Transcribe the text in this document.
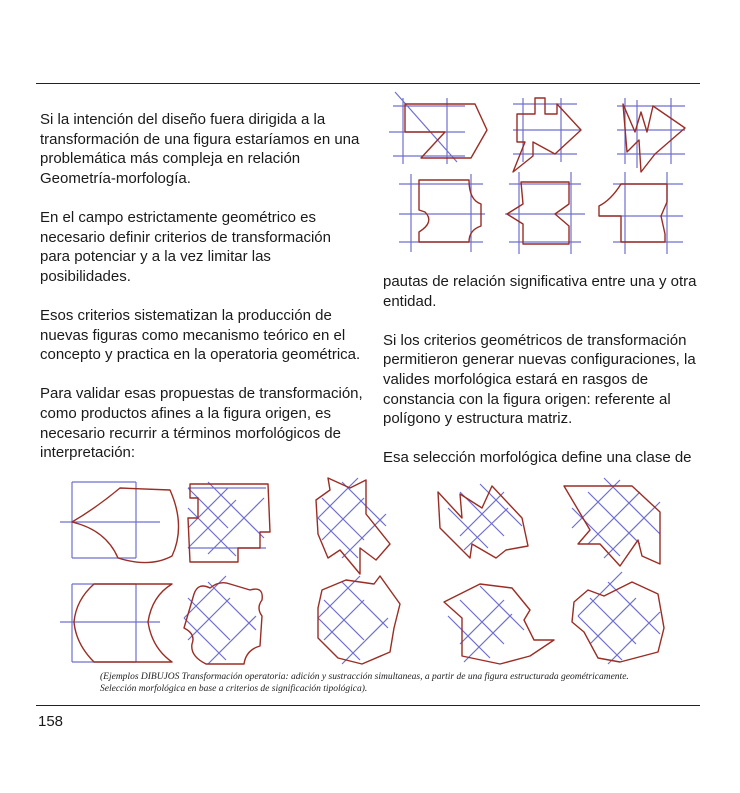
Si la intención del diseño fuera dirigida a la transformación de una figura estaríamos en una problemática más compleja en relación Geometría-morfología.

En el campo estrictamente geométrico es necesario definir criterios de transformación para potenciar y a la vez limitar las posibilidades.

Esos criterios sistematizan la producción de nuevas figuras como mecanismo teórico en el concepto y practica en la operatoria geométrica.

Para validar esas propuestas de transformación, como productos afines a la figura origen, es necesario recurrir a términos morfológicos de interpretación:

pautas de relación significativa entre una y otra entidad.

Si los criterios geométricos de transformación permitieron generar nuevas configuraciones, la valides morfológica estará en rasgos de constancia con la figura origen: referente al polígono y estructura matriz.

Esa selección morfológica define una clase de

(Ejemplos DIBUJOS Transformación operatoria: adición y sustracción simultaneas, a partir de una figura estructurada geométricamente. Selección morfológica en base a criterios de significación tipológica).
158
